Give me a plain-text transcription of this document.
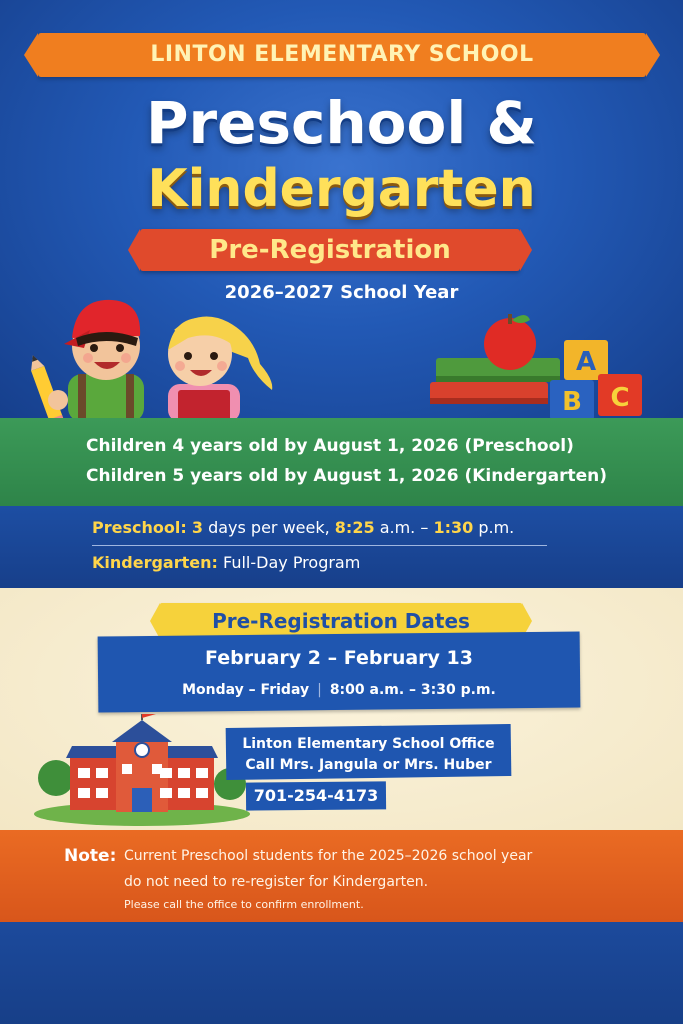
LINTON ELEMENTARY SCHOOL
Preschool &
Kindergarten
Pre-Registration
2026–2027 School Year
A
B C
Children 4 years old by August 1, 2026 (Preschool)
Children 5 years old by August 1, 2026 (Kindergarten)
Preschool: 3 days per week, 8:25 a.m. – 1:30 p.m.
Kindergarten: Full-Day Program
Pre-Registration Dates
February 2 – February 13
Monday – Friday | 8:00 a.m. – 3:30 p.m.
Linton Elementary School Office
Call Mrs. Jangula or Mrs. Huber
701-254-4173
Note: Current Preschool students for the 2025–2026 school year
do not need to re-register for Kindergarten.
Please call the office to confirm enrollment.
